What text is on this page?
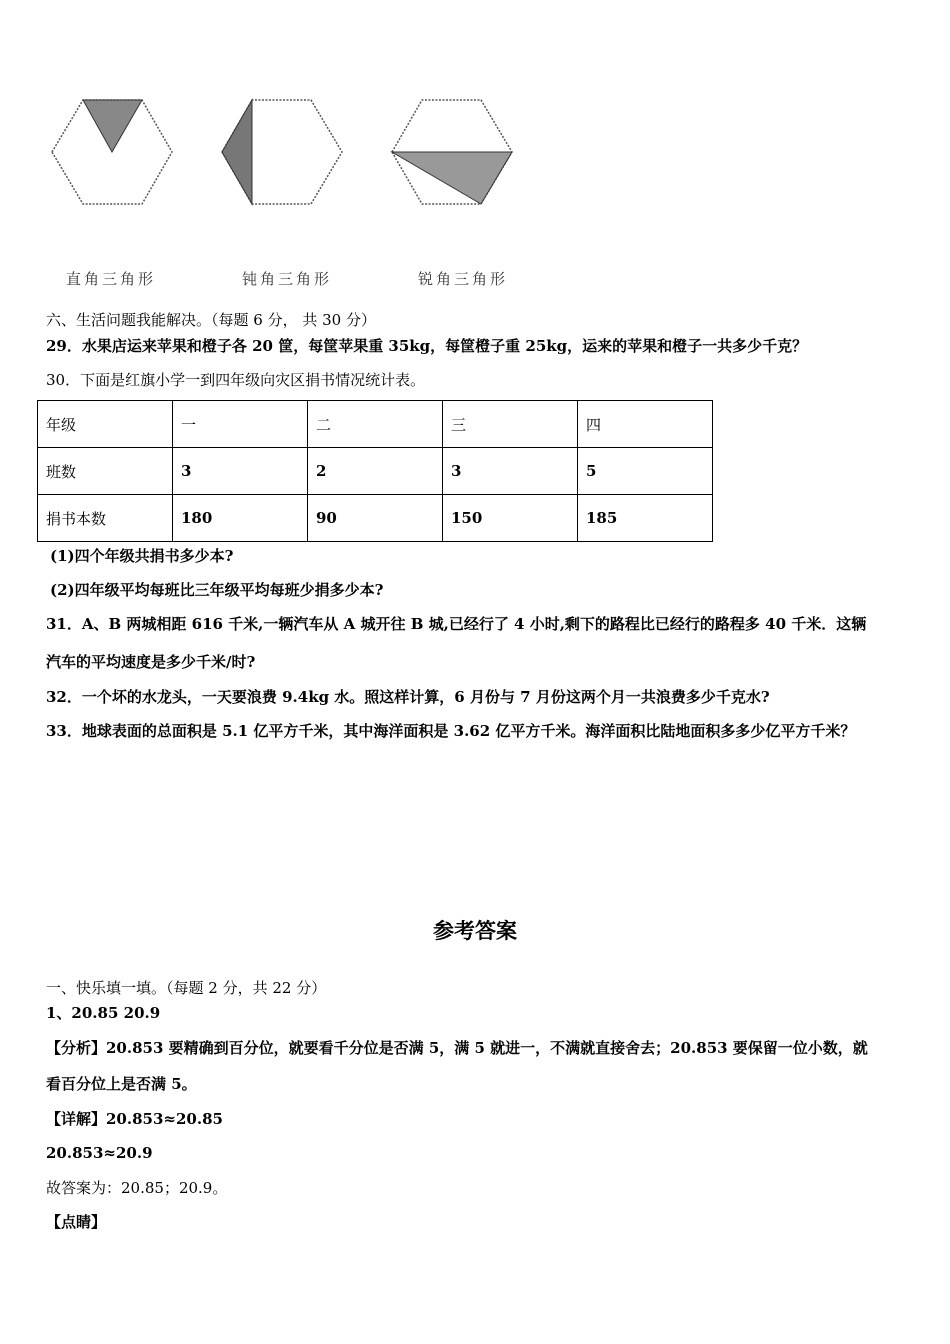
直角三角形	钝角三角形	锐角三角形
六、生活问题我能解决。（每题 6 分， 共 30 分）
29．水果店运来苹果和橙子各 20 筐，每筐苹果重 35kg，每筐橙子重 25kg，运来的苹果和橙子一共多少千克？
30．下面是红旗小学一到四年级向灾区捐书情况统计表。
年级	一	二	三	四
班数	3	2	3	5
捐书本数	180	90	150	185
(1)四个年级共捐书多少本?
(2)四年级平均每班比三年级平均每班少捐多少本?
31．A、B 两城相距 616 千米,一辆汽车从 A 城开往 B 城,已经行了 4 小时,剩下的路程比已经行的路程多 40 千米．这辆
汽车的平均速度是多少千米/时?
32．一个坏的水龙头，一天要浪费 9.4kg 水。照这样计算，6 月份与 7 月份这两个月一共浪费多少千克水?
33．地球表面的总面积是 5.1 亿平方千米，其中海洋面积是 3.62 亿平方千米。海洋面积比陆地面积多多少亿平方千米？
参考答案
一、快乐填一填。（每题 2 分，共 22 分）
1、20.85 20.9
【分析】20.853 要精确到百分位，就要看千分位是否满 5，满 5 就进一，不满就直接舍去；20.853 要保留一位小数，就
看百分位上是否满 5。
【详解】20.853≈20.85
20.853≈20.9
故答案为：20.85；20.9。
【点睛】
